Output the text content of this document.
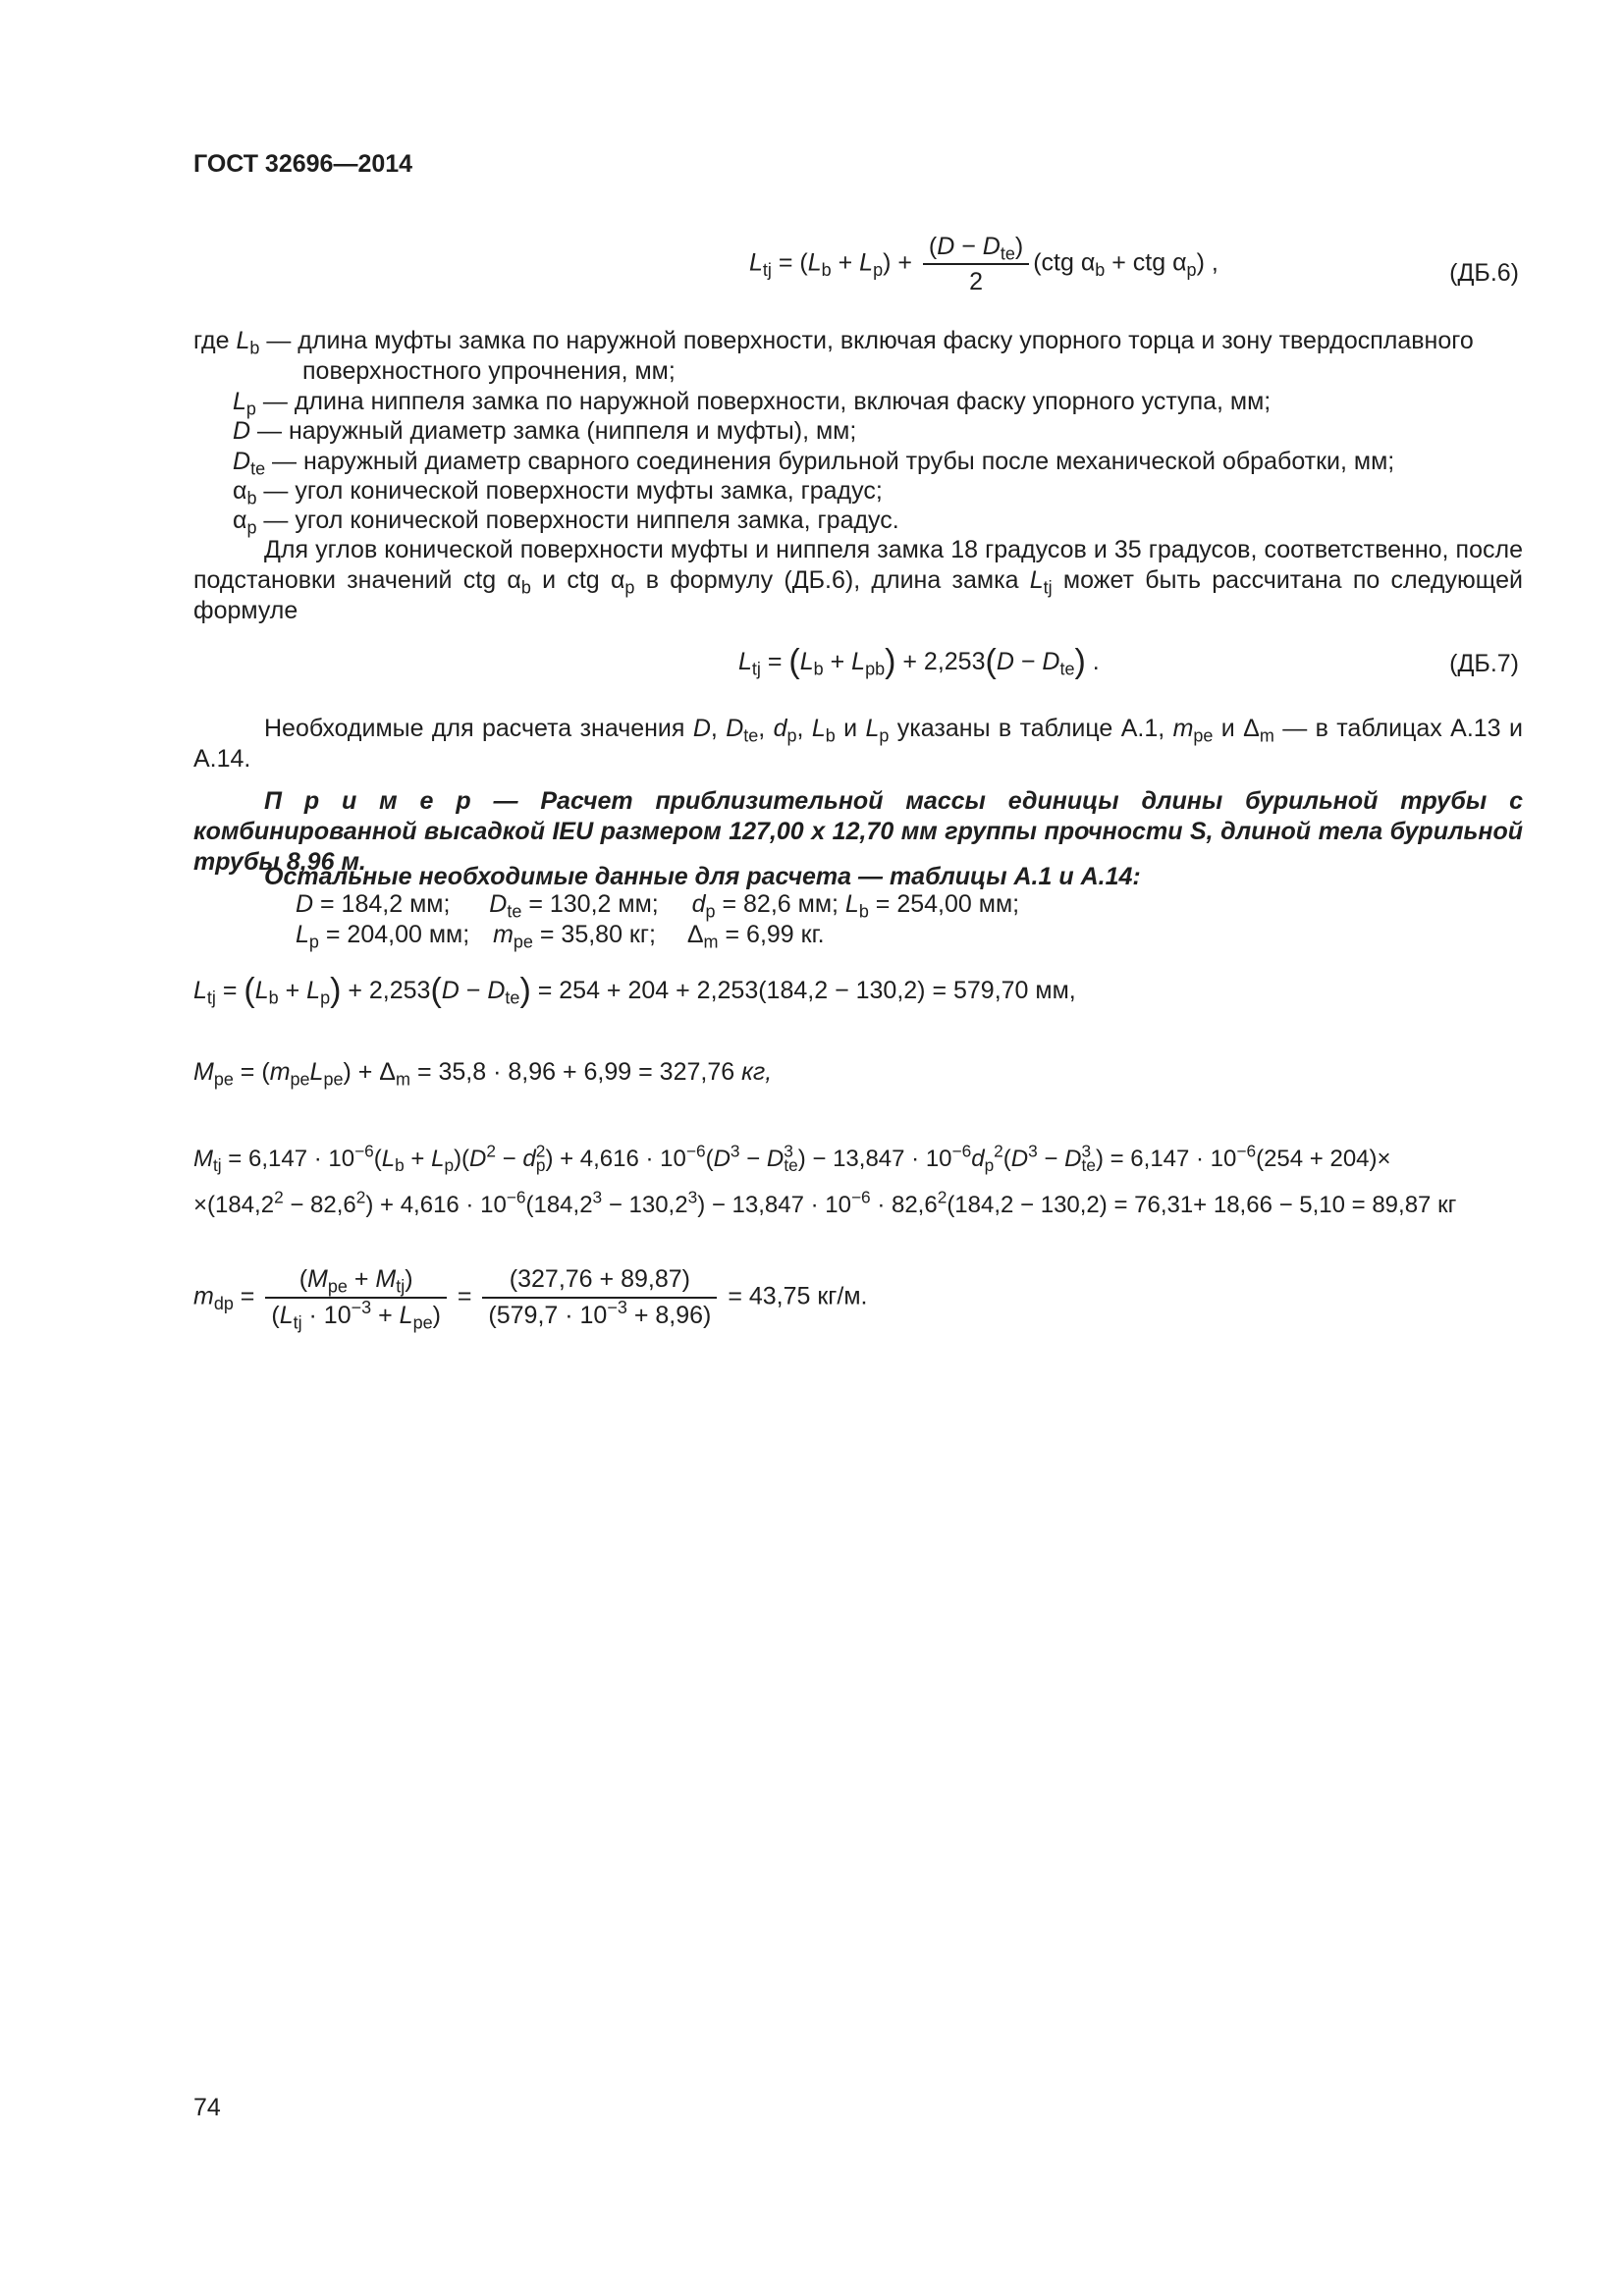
ГОСТ 32696—2014
$L_{tj} = (L_b + L_p) + \frac{(D - D_{te})}{2} (ctg$ $\alpha_b$ + ctg $\alpha_p$) ,	(ДБ.6)
где $L_b$ — длина муфты замка по наружной поверхности, включая фаску упорного торца и зону твердосплавного
поверхностного упрочнения, мм;
$L_p$ — длина ниппеля замка по наружной поверхности, включая фаску упорного уступа, мм;
D — наружный диаметр замка (ниппеля и муфты), мм;
$D_{te}$ — наружный диаметр сварного соединения бурильной трубы после механической обработки, мм;
$\alpha_b$ — угол конической поверхности муфты замка, градус;
$\alpha_p$ — угол конической поверхности ниппеля замка, градус.
Для углов конической поверхности муфты и ниппеля замка 18 градусов и 35 градусов, соответственно, после подстановки значений ctg $\alpha_b$ и ctg $\alpha_p$ в формулу (ДБ.6), длина замка $L_{tj}$ может быть рассчитана по следующей формуле
$L_{tj} = (L_b + L_{pb}) + 2,253(D - D_{te})$ .	(ДБ.7)
Необходимые для расчета значения D, $D_{te}$, $d_p$, $L_b$ и $L_p$ указаны в таблице А.1, $m_{pe}$ и $\Delta_m$ — в таблицах А.13 и А.14.
П р и м е р — Расчет приблизительной массы единицы длины бурильной трубы с комбинированной высадкой IEU размером 127,00 x 12,70 мм группы прочности S, длиной тела бурильной трубы 8,96 м.
Остальные необходимые данные для расчета — таблицы А.1 и А.14:
D = 184,2 мм; $D_{te} = 130,2$ мм; $d_p = 82,6$ мм; $L_b = 254,00$ мм;
$L_p = 204,00$ мм; $m_{pe} = 35,80$ кг; $\Delta_m = 6,99$ кг.
$L_{tj} = (L_b + L_p) + 2,253(D - D_{te}) = 254 + 204 + 2,253(184,2 - 130,2) = 579,70$ мм,
$M_{pe} = (m_{pe}L_{pe}) + \Delta_m = 35,8 \cdot 8,96 + 6,99 = 327,76$ кг,
$M_{tj} = 6,147 \cdot 10^{-6}(L_b + L_p)(D^2 - d^2_p) + 4,616 \cdot 10^{-6}(D^3 - D^3_{te}) - 13,847 \cdot 10^{-6}d_p^2(D^3 - D^3_{te}) = 6,147 \cdot 10^{-6}(254 + 204)\times$
$\times(184,2^2 - 82,6^2) + 4,616 \cdot 10^{-6}(184,2^3 - 130,2^3) - 13,847 \cdot 10^{-6} \cdot 82,6^2(184,2 - 130,2) = 76,31+ 18,66 - 5,10 = 89,87$ кг
$m_{dp} = \frac{(M_{pe} + M_{tj})}{(L_{tj} \cdot 10^{-3} + L_{pe})} = \frac{(327,76 + 89,87)}{(579,7 \cdot 10^{-3} + 8,96)} = 43,75$ кг/м.
74
